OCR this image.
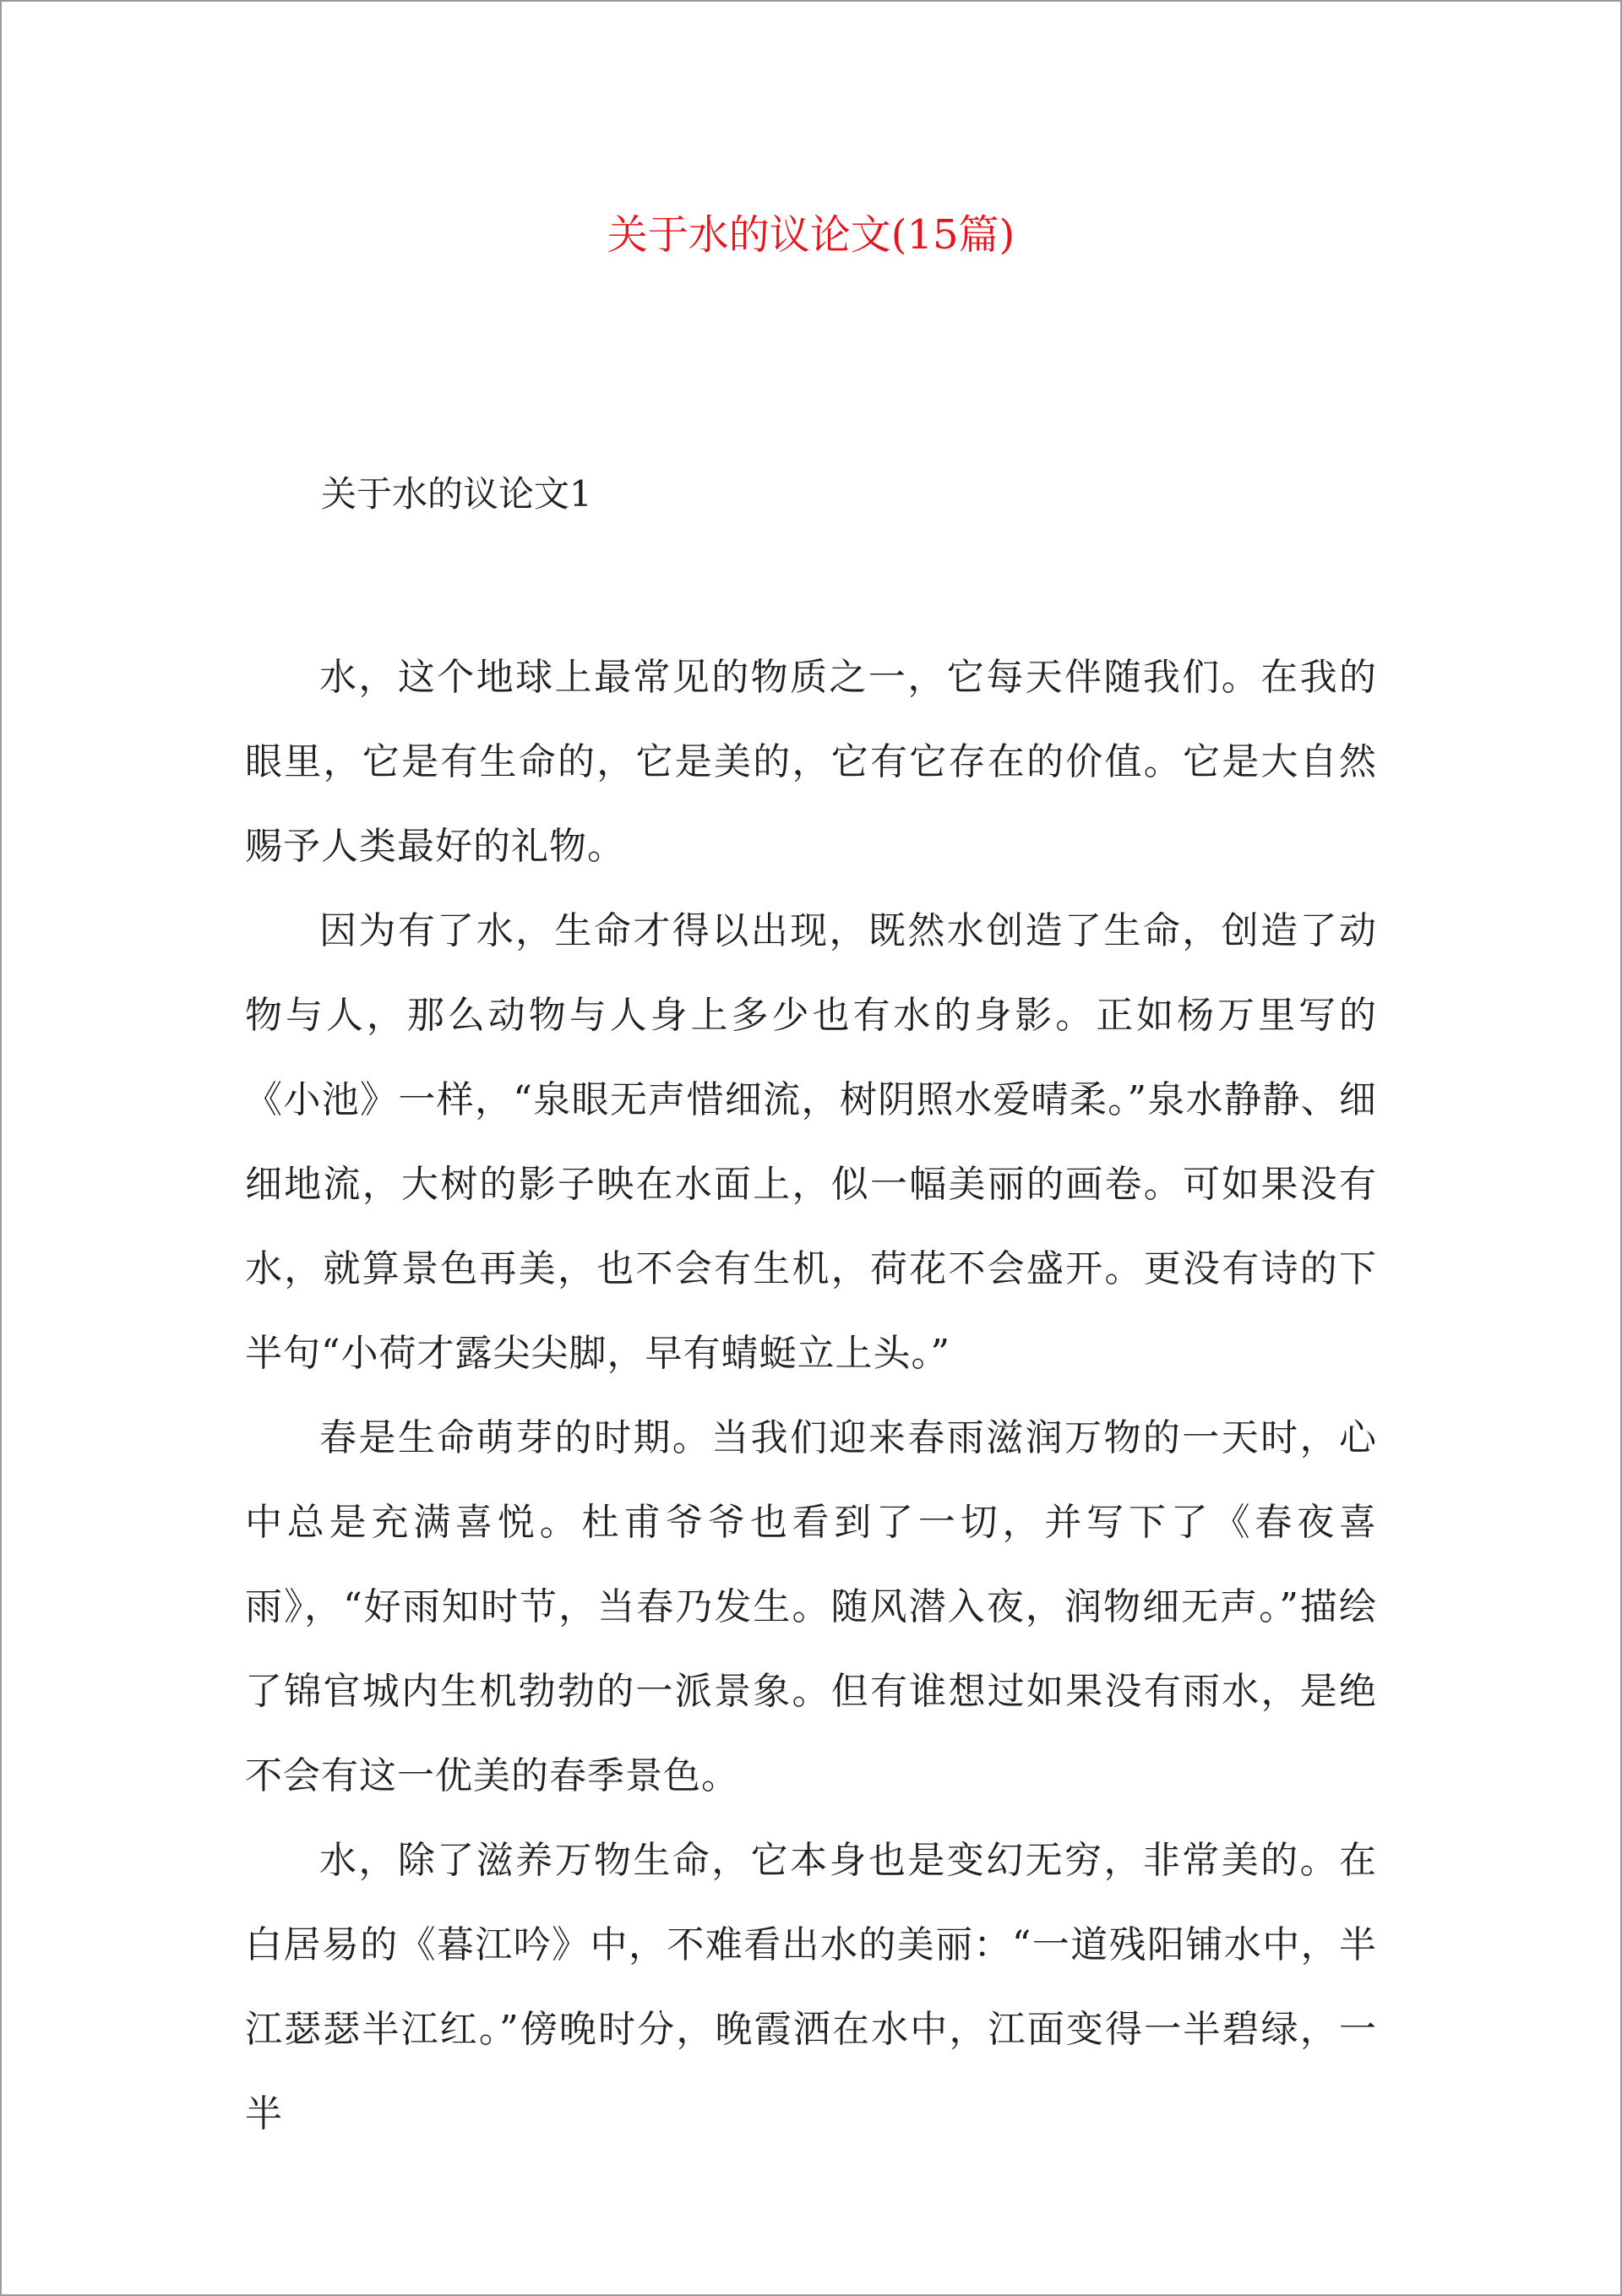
关于水的议论文(15篇)
关于水的议论文1

水，这个地球上最常见的物质之一，它每天伴随我们。在我的眼里，它是有生命的，它是美的，它有它存在的价值。它是大自然赐予人类最好的礼物。

因为有了水，生命才得以出现，既然水创造了生命，创造了动物与人，那么动物与人身上多少也有水的身影。正如杨万里写的《小池》一样，“泉眼无声惜细流，树阴照水爱晴柔。”泉水静静、细细地流，大树的影子映在水面上，似一幅美丽的画卷。可如果没有水，就算景色再美，也不会有生机，荷花不会盛开。更没有诗的下半句“小荷才露尖尖脚，早有蜻蜓立上头。”

春是生命萌芽的时期。当我们迎来春雨滋润万物的一天时，心中总是充满喜悦。杜甫爷爷也看到了一切，并写下了《春夜喜雨》，“好雨知时节，当春乃发生。随风潜入夜，润物细无声。”描绘了锦官城内生机勃勃的一派景象。但有谁想过如果没有雨水，是绝不会有这一优美的春季景色。

水，除了滋养万物生命，它本身也是变幻无穷，非常美的。在白居易的《暮江吟》中，不难看出水的美丽：“一道残阳铺水中，半江瑟瑟半江红。”傍晚时分，晚霞洒在水中，江面变得一半碧绿，一半
